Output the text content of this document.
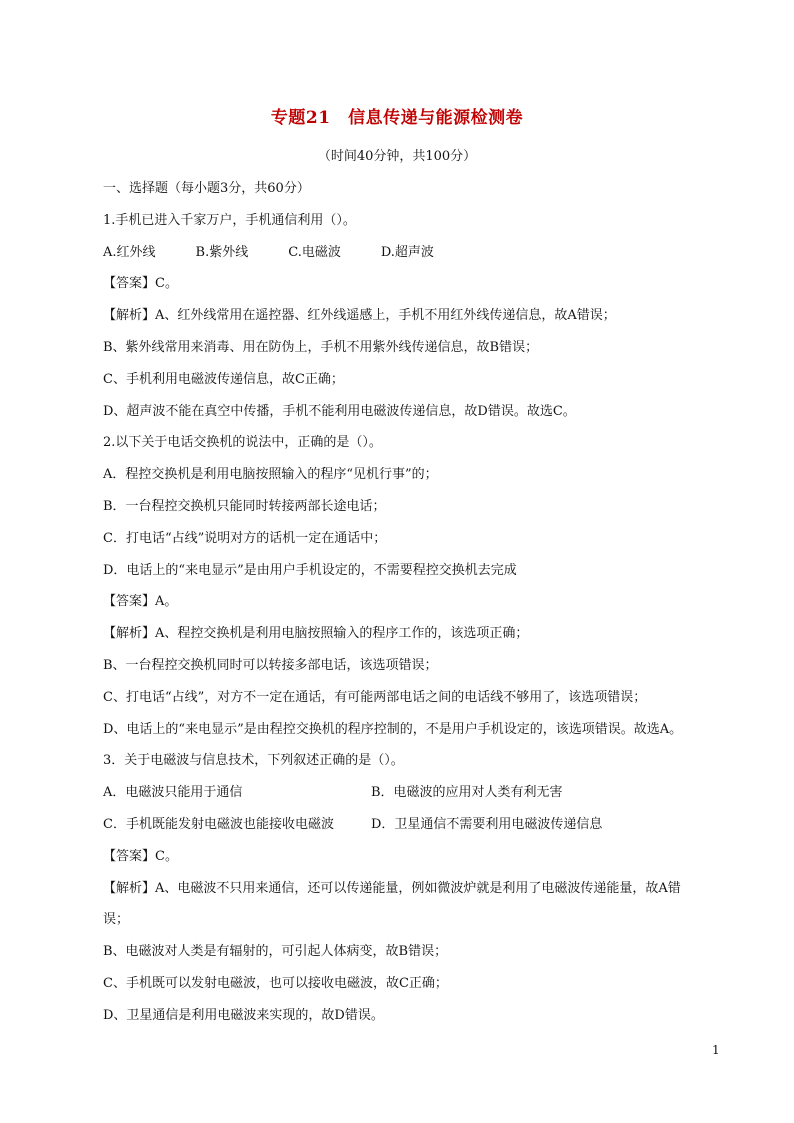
专题21　信息传递与能源检测卷
（时间40分钟，共100分）
一、选择题（每小题3分，共60分）
1.手机已进入千家万户，手机通信利用（）。
A.红外线	B.紫外线	C.电磁波	D.超声波
【答案】C。
【解析】A、红外线常用在遥控器、红外线遥感上，手机不用红外线传递信息，故A错误；
B、紫外线常用来消毒、用在防伪上，手机不用紫外线传递信息，故B错误；
C、手机利用电磁波传递信息，故C正确；
D、超声波不能在真空中传播，手机不能利用电磁波传递信息，故D错误。故选C。
2.以下关于电话交换机的说法中，正确的是（）。
A．程控交换机是利用电脑按照输入的程序“见机行事”的；
B．一台程控交换机只能同时转接两部长途电话；
C．打电话“占线”说明对方的话机一定在通话中；
D．电话上的“来电显示”是由用户手机设定的，不需要程控交换机去完成
【答案】A。
【解析】A、程控交换机是利用电脑按照输入的程序工作的，该选项正确；
B、一台程控交换机同时可以转接多部电话，该选项错误；
C、打电话“占线”，对方不一定在通话，有可能两部电话之间的电话线不够用了，该选项错误；
D、电话上的“来电显示”是由程控交换机的程序控制的，不是用户手机设定的，该选项错误。故选A。
3．关于电磁波与信息技术，下列叙述正确的是（）。
A．电磁波只能用于通信	B．电磁波的应用对人类有利无害
C．手机既能发射电磁波也能接收电磁波	D．卫星通信不需要利用电磁波传递信息
【答案】C。
【解析】A、电磁波不只用来通信，还可以传递能量，例如微波炉就是利用了电磁波传递能量，故A错误；
B、电磁波对人类是有辐射的，可引起人体病变，故B错误；
C、手机既可以发射电磁波，也可以接收电磁波，故C正确；
D、卫星通信是利用电磁波来实现的，故D错误。
1
